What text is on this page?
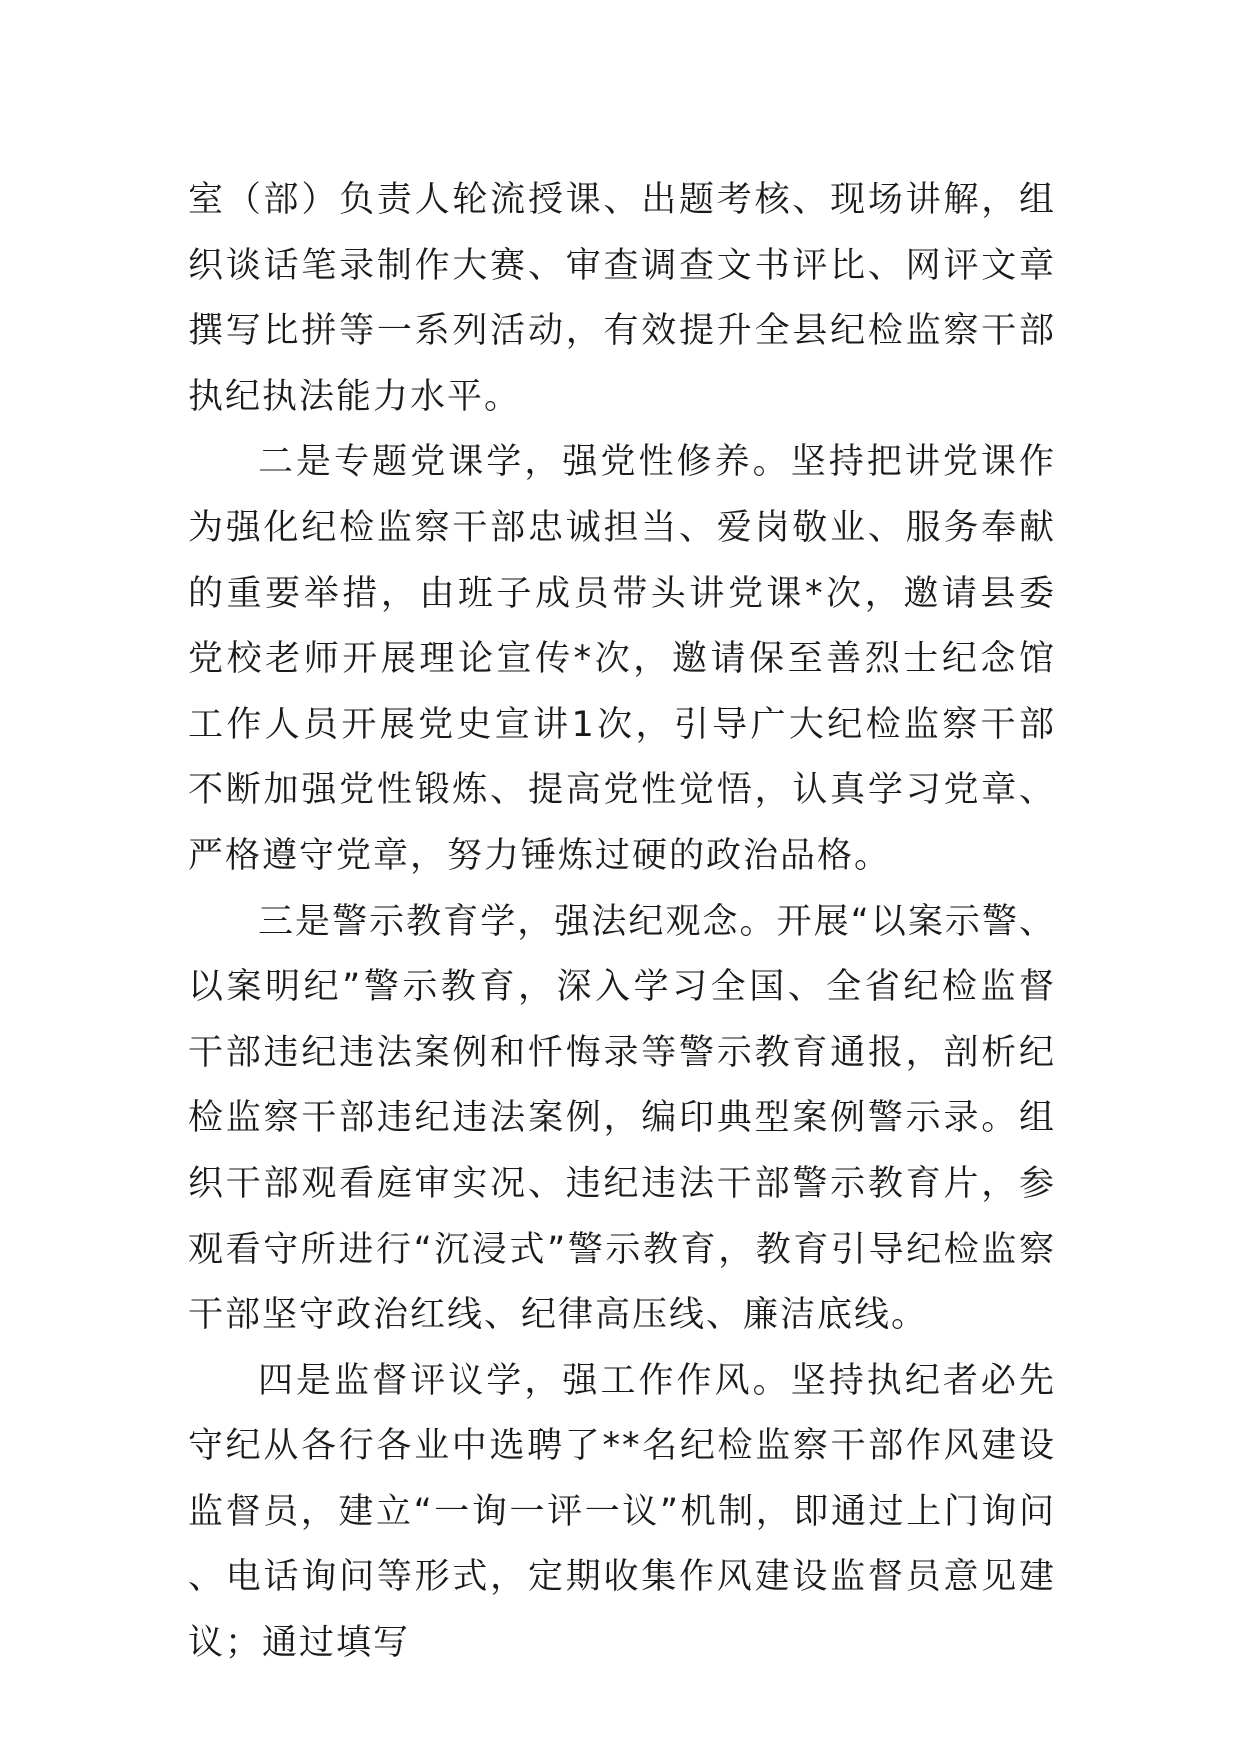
室（部）负责人轮流授课、出题考核、现场讲解，组织谈话笔录制作大赛、审查调查文书评比、网评文章撰写比拼等一系列活动，有效提升全县纪检监察干部执纪执法能力水平。

二是专题党课学，强党性修养。坚持把讲党课作为强化纪检监察干部忠诚担当、爱岗敬业、服务奉献的重要举措，由班子成员带头讲党课*次，邀请县委党校老师开展理论宣传*次，邀请保至善烈士纪念馆工作人员开展党史宣讲1次，引导广大纪检监察干部不断加强党性锻炼、提高党性觉悟，认真学习党章、严格遵守党章，努力锤炼过硬的政治品格。

三是警示教育学，强法纪观念。开展“以案示警、以案明纪”警示教育，深入学习全国、全省纪检监督干部违纪违法案例和忏悔录等警示教育通报，剖析纪检监察干部违纪违法案例，编印典型案例警示录。组织干部观看庭审实况、违纪违法干部警示教育片，参观看守所进行“沉浸式”警示教育，教育引导纪检监察干部坚守政治红线、纪律高压线、廉洁底线。

四是监督评议学，强工作作风。坚持执纪者必先守纪从各行各业中选聘了**名纪检监察干部作风建设监督员，建立“一询一评一议”机制，即通过上门询问、电话询问等形式，定期收集作风建设监督员意见建议；通过填写
